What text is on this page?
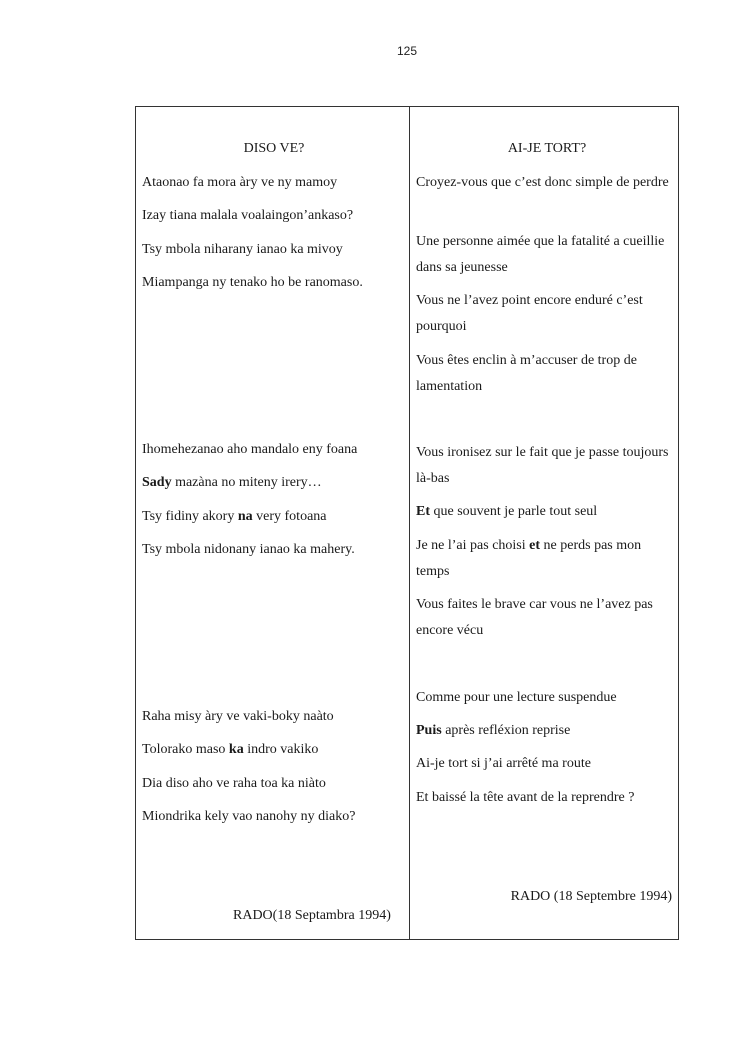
125
DISO VE?
Ataonao fa mora àry ve ny mamoy
Izay tiana malala voalaingon’ankaso?
Tsy mbola niharany ianao ka mivoy
Miampanga ny tenako ho be ranomaso.
Ihomehezanao aho mandalo eny foana
Sady mazàna no miteny irery…
Tsy fidiny akory na very fotoana
Tsy mbola nidonany ianao ka mahery.
Raha misy àry ve vaki-boky naàto
Tolorako maso ka indro vakiko
Dia diso aho ve raha toa ka niàto
Miondrika kely vao nanohy ny diako?
RADO(18 Septambra 1994)
AI-JE TORT?
Croyez-vous que c’est donc simple de perdre
Une personne aimée que la fatalité a cueillie dans sa jeunesse
Vous ne l’avez point encore enduré c’est pourquoi
Vous êtes enclin à m’accuser de trop de lamentation
Vous ironisez sur le fait que je passe toujours là-bas
Et que souvent je parle tout seul
Je ne l’ai pas choisi et ne perds pas mon temps
Vous faites le brave car vous ne l’avez pas encore vécu
Comme pour une lecture suspendue
Puis après refléxion reprise
Ai-je tort si j’ai arrêté ma route
Et baissé la tête avant de la reprendre ?
RADO (18 Septembre 1994)
